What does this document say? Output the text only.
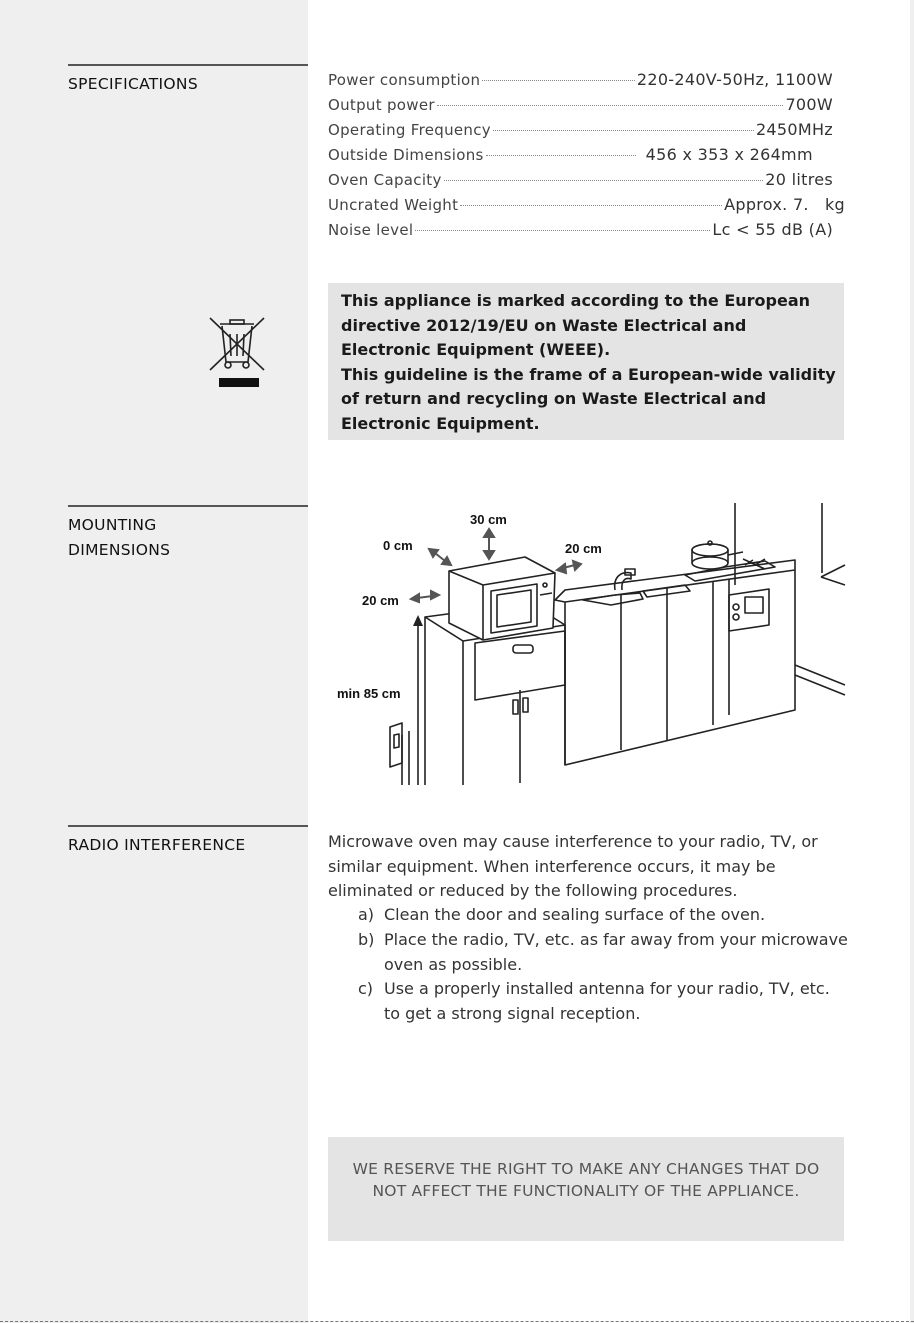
SPECIFICATIONS
MOUNTING
DIMENSIONS
RADIO INTERFERENCE
Power consumption	220-240V-50Hz, 1100W
Output power	700W
Operating Frequency	2450MHz
Outside Dimensions	456 x 353 x 264mm
Oven Capacity	20 litres
Uncrated Weight	Approx. 7.   kg
Noise level	Lc < 55 dB (A)

This appliance is marked according to the European directive 2012/19/EU on Waste Electrical and Electronic Equipment (WEEE).

This guideline is the frame of a European-wide validity of return and recycling on Waste Electrical and Electronic Equipment.

30 cm
0 cm	20 cm
20 cm
min 85 cm
Microwave oven may cause interference to your radio, TV, or similar equipment. When interference occurs, it may be eliminated or reduced by the following procedures.
a) Clean the door and sealing surface of the oven.
b) Place the radio, TV, etc. as far away from your microwave oven as possible.
c) Use a properly installed antenna for your radio, TV, etc. to get a strong signal reception.
WE RESERVE THE RIGHT TO MAKE ANY CHANGES THAT DO NOT AFFECT THE FUNCTIONALITY OF THE APPLIANCE.
